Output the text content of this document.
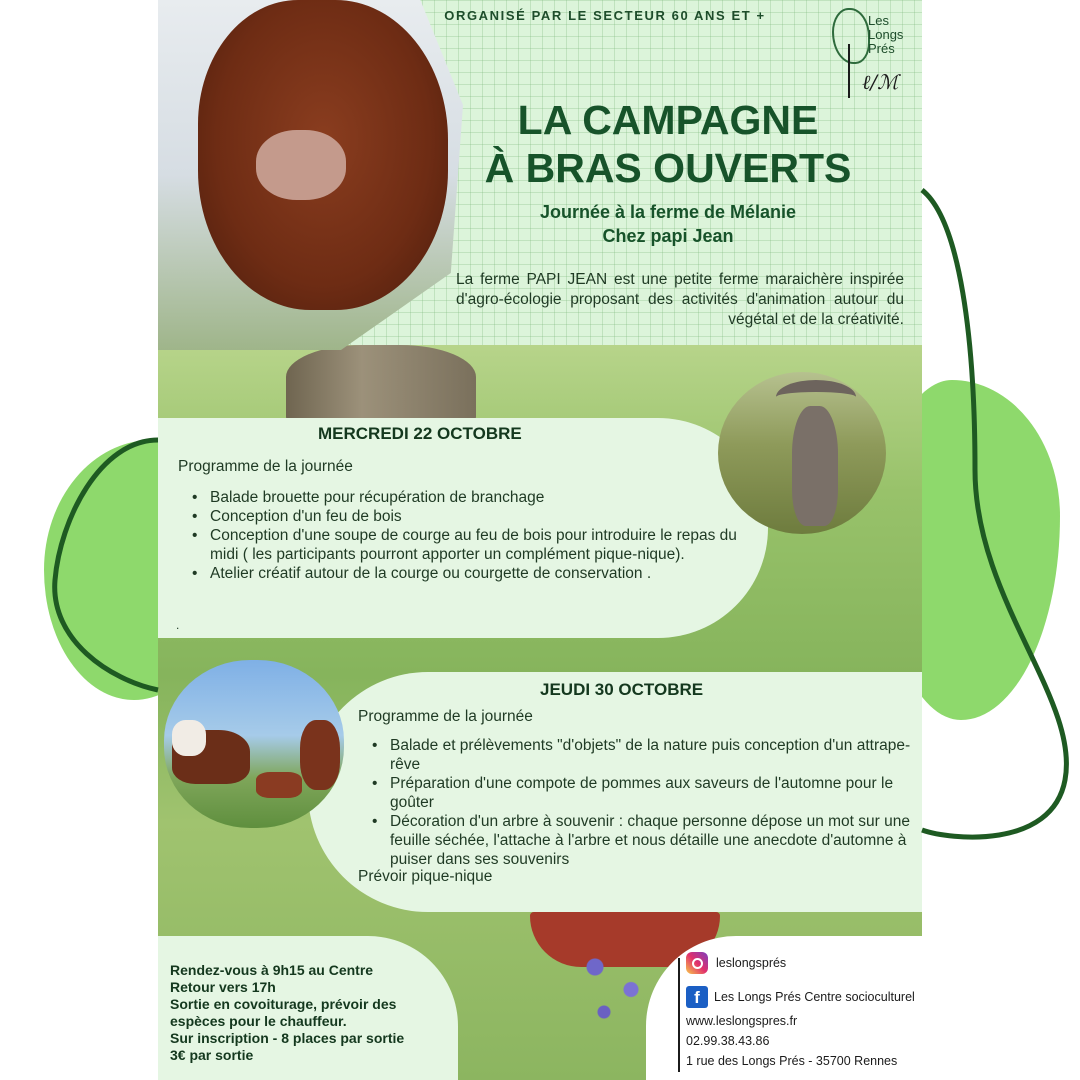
ORGANISÉ PAR LE SECTEUR 60 ANS ET +	Les
Longs
Prés
ℓ/ℳ
LA CAMPAGNE
À BRAS OUVERTS
Journée à la ferme de Mélanie
Chez papi Jean
La ferme PAPI JEAN est une petite ferme maraichère inspirée d'agro-écologie proposant des activités d'animation autour du végétal et de la créativité.
MERCREDI 22 OCTOBRE
Programme de la journée
• Balade brouette pour récupération de branchage
• Conception d'un feu de bois
• Conception d'une soupe de courge au feu de bois pour introduire le repas du midi ( les participants pourront apporter un complément pique-nique).
• Atelier créatif autour de la courge ou courgette de conservation .
.
JEUDI 30 OCTOBRE
Programme de la journée
• Balade et prélèvements "d'objets" de la nature puis conception d'un attrape-rêve
• Préparation d'une compote de pommes aux saveurs de l'automne pour le goûter
• Décoration d'un arbre à souvenir : chaque personne dépose un mot sur une feuille séchée, l'attache à l'arbre et nous détaille une anecdote d'automne à puiser dans ses souvenirs
Prévoir pique-nique
Rendez-vous à 9h15 au Centre
Retour vers 17h
Sortie en covoiturage, prévoir des
espèces pour le chauffeur.
Sur inscription - 8 places par sortie
3€ par sortie
leslongsprés
f	Les Longs Prés Centre socioculturel
www.leslongspres.fr
02.99.38.43.86
1 rue des Longs Prés - 35700 Rennes
